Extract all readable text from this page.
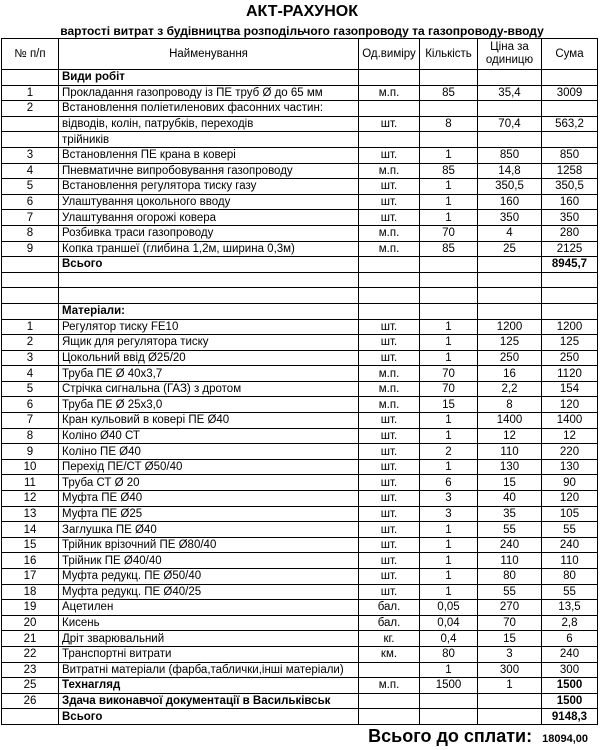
АКТ-РАХУНОК
вартості витрат з будівництва розподільчого газопроводу та газопроводу-вводу
№ п/п	Найменування	Од.виміру	Кількість	Ціна за одиницю	Сума
	Види робіт				
1	Прокладання газопроводу із ПЕ труб Ø до 65 мм	м.п.	85	35,4	3009
2	Встановлення поліетиленових фасонних частин:				
	відводів, колін, патрубків, переходів	шт.	8	70,4	563,2
	трійників				
3	Встановлення ПЕ крана в коверi	шт.	1	850	850
4	Пневматичне випробовування газопроводу	м.п.	85	14,8	1258
5	Встановлення регулятора тиску газу	шт.	1	350,5	350,5
6	Улаштування цокольного вводу	шт.	1	160	160
7	Улаштування огорожі ковера	шт.	1	350	350
8	Розбивка траси газопроводу	м.п.	70	4	280
9	Копка траншеї (глибина 1,2м, ширина 0,3м)	м.п.	85	25	2125
	Всього				8945,7

	Матеріали:				
1	Регулятор тиску FE10	шт.	1	1200	1200
2	Ящик для регулятора тиску	шт.	1	125	125
3	Цокольний ввід Ø25/20	шт.	1	250	250
4	Труба ПЕ Ø 40x3,7	м.п.	70	16	1120
5	Стрічка сигнальна (ГАЗ) з дротом	м.п.	70	2,2	154
6	Труба ПЕ Ø 25x3,0	м.п.	15	8	120
7	Кран кульовий в коверi ПЕ Ø40	шт.	1	1400	1400
8	Коліно Ø40 СТ	шт.	1	12	12
9	Коліно ПЕ Ø40	шт.	2	110	220
10	Перехід ПЕ/СТ Ø50/40	шт.	1	130	130
11	Труба СТ Ø 20	шт.	6	15	90
12	Муфта ПЕ Ø40	шт.	3	40	120
13	Муфта ПЕ Ø25	шт.	3	35	105
14	Заглушка ПЕ Ø40	шт.	1	55	55
15	Трійник врізочний ПЕ Ø80/40	шт.	1	240	240
16	Трійник ПЕ Ø40/40	шт.	1	110	110
17	Муфта редукц. ПЕ Ø50/40	шт.	1	80	80
18	Муфта редукц. ПЕ Ø40/25	шт.	1	55	55
19	Ацетилен	бал.	0,05	270	13,5
20	Кисень	бал.	0,04	70	2,8
21	Дріт зварювальний	кг.	0,4	15	6
22	Транспортні витрати	км.	80	3	240
23	Витратні матеріали (фарба,таблички,інші матеріали)		1	300	300
25	Технагляд	м.п.	1500	1	1500
26	Здача виконавчої документації в Васильківськ				1500
	Всього				9148,3
Всього до сплати: 18094,00
